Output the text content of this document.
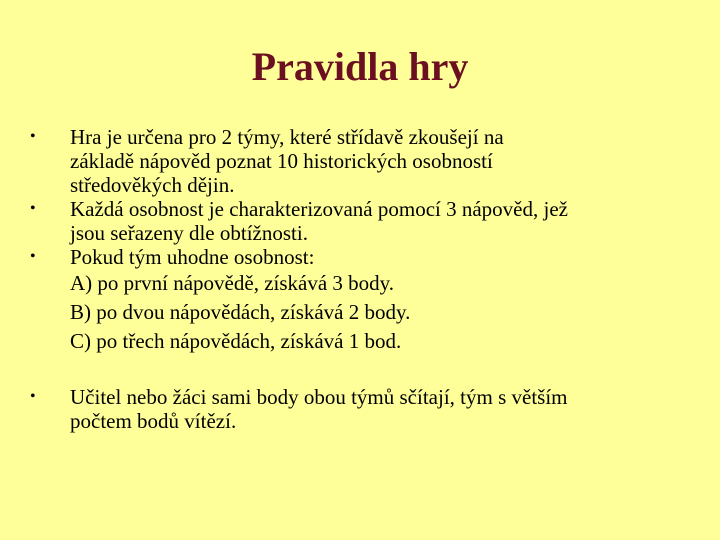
Pravidla hry
•	Hra je určena pro 2 týmy, které střídavě zkoušejí na
základě nápověd poznat 10 historických osobností
středověkých dějin.
•	Každá osobnost je charakterizovaná pomocí 3 nápověd, jež
jsou seřazeny dle obtížnosti.
•	Pokud tým uhodne osobnost:
A) po první nápovědě, získává 3 body.
B) po dvou nápovědách, získává 2 body.
C) po třech nápovědách, získává 1 bod.
•	Učitel nebo žáci sami body obou týmů sčítají, tým s větším
počtem bodů vítězí.
